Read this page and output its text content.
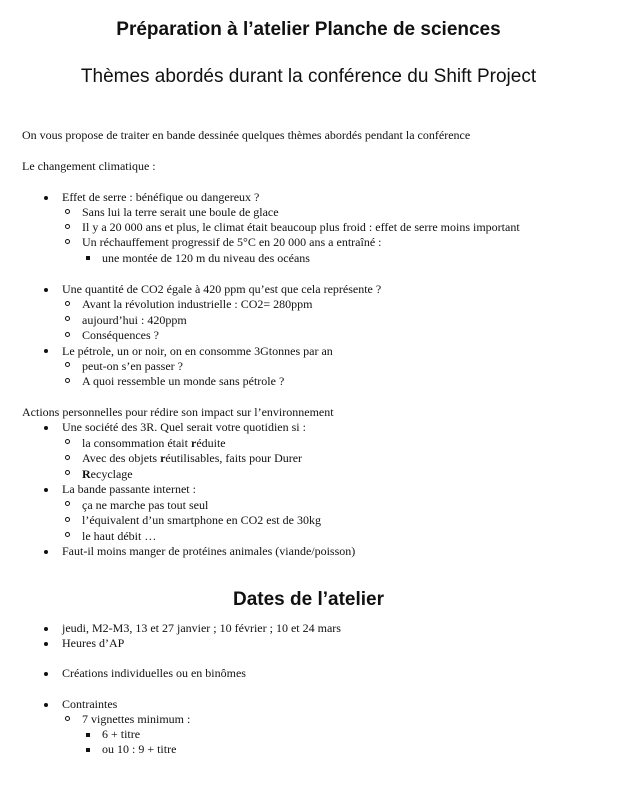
Préparation à l’atelier Planche de sciences
Thèmes abordés durant la conférence du Shift Project
On vous propose de traiter en bande dessinée quelques thèmes abordés pendant la conférence
Le changement climatique :
Effet de serre : bénéfique ou dangereux ?
Sans lui la terre serait une boule de glace
Il y a 20 000 ans et plus, le climat était beaucoup plus froid : effet de serre moins important
Un réchauffement progressif de 5°C en 20 000 ans a entraîné :
une montée de 120 m du niveau des océans
Une quantité de CO2 égale à 420 ppm qu’est que cela représente ?
Avant la révolution industrielle : CO2= 280ppm
aujourd’hui : 420ppm
Conséquences ?
Le pétrole, un or noir, on en consomme 3Gtonnes par an
peut-on s’en passer ?
A quoi ressemble un monde sans pétrole ?
Actions personnelles pour rédire son impact sur l’environnement
Une société des 3R. Quel serait votre quotidien si :
la consommation était réduite
Avec des objets réutilisables, faits pour Durer
Recyclage
La bande passante internet :
ça ne marche pas tout seul
l’équivalent d’un smartphone en CO2 est de 30kg
le haut débit …
Faut-il moins manger de protéines animales (viande/poisson)
Dates de l’atelier
jeudi, M2-M3, 13 et 27 janvier ; 10 février ; 10 et 24 mars
Heures d’AP
Créations individuelles ou en binômes
Contraintes
7 vignettes minimum :
6 + titre
ou 10 : 9 + titre
